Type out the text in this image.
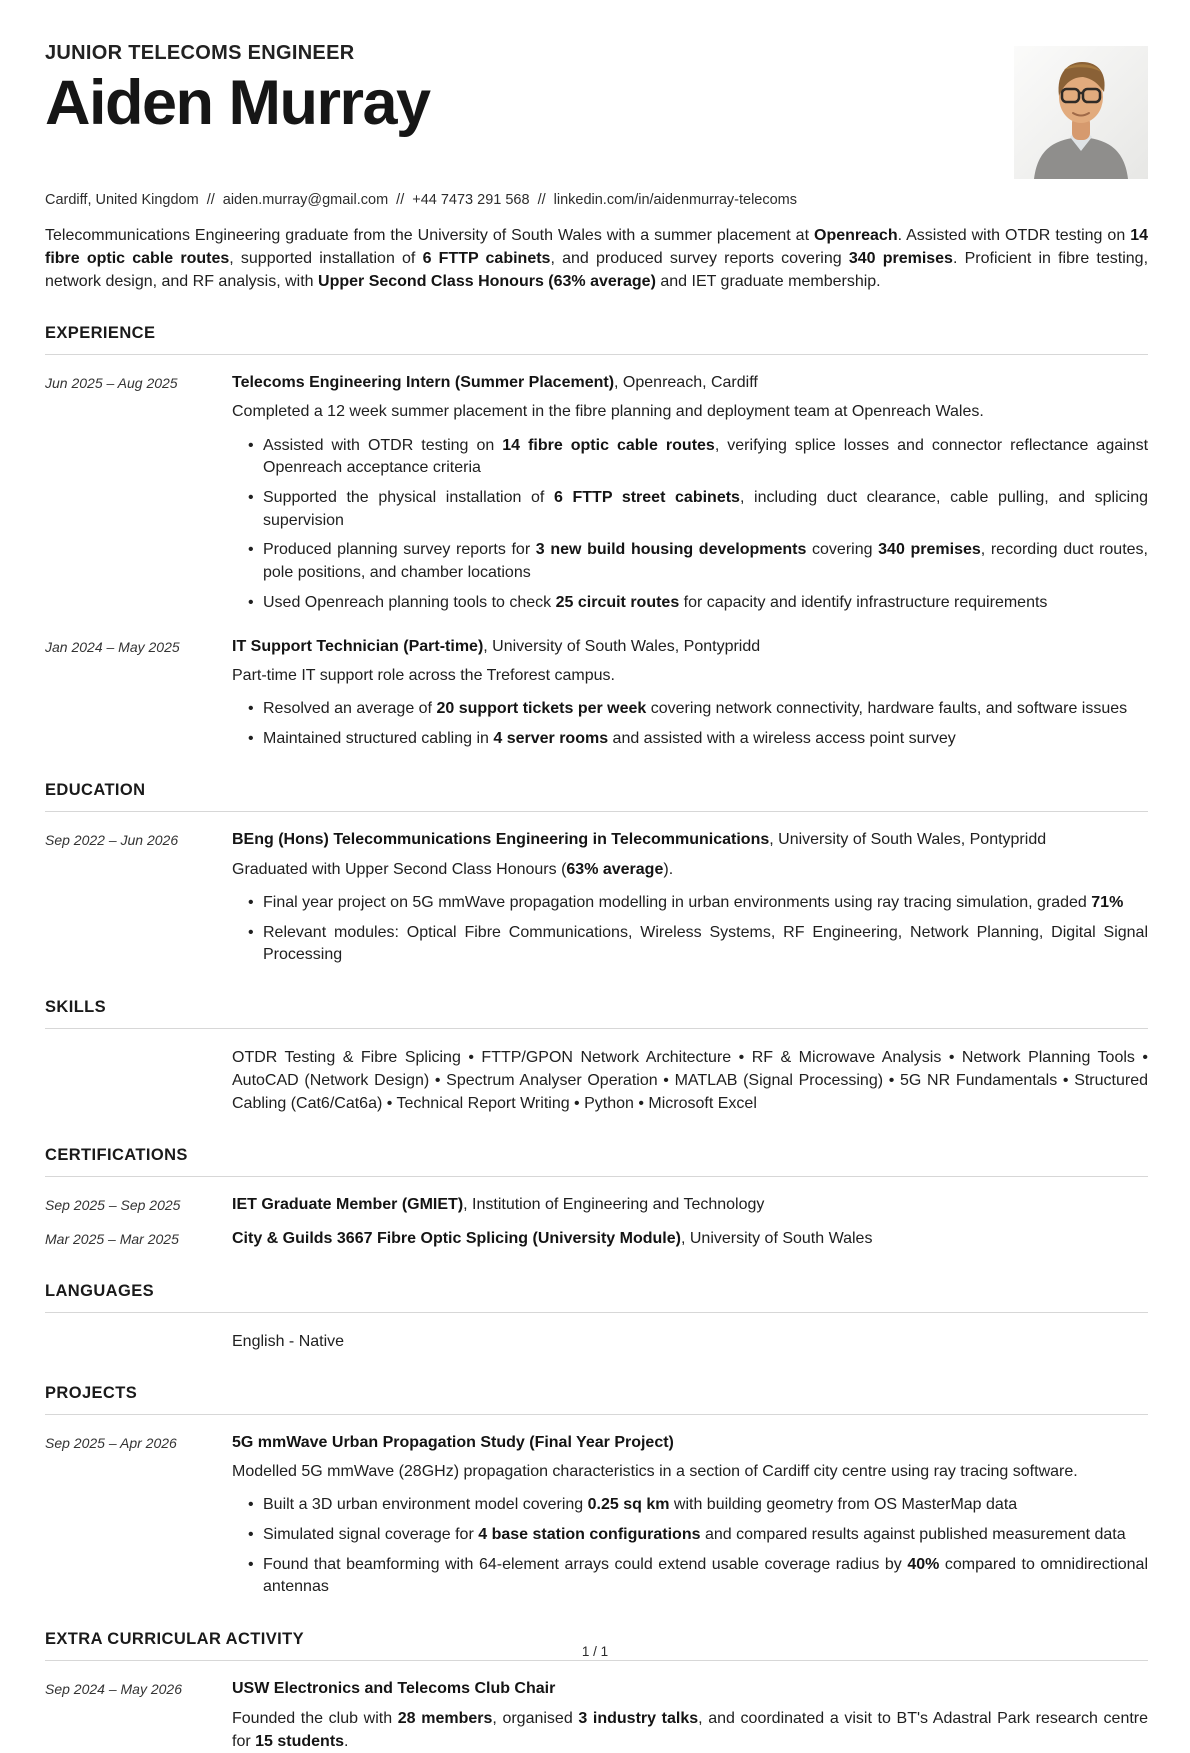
JUNIOR TELECOMS ENGINEER
Aiden Murray
Cardiff, United Kingdom // aiden.murray@gmail.com // +44 7473 291 568 // linkedin.com/in/aidenmurray-telecoms

Telecommunications Engineering graduate from the University of South Wales with a summer placement at Openreach. Assisted with OTDR testing on 14 fibre optic cable routes, supported installation of 6 FTTP cabinets, and produced survey reports covering 340 premises. Proficient in fibre testing, network design, and RF analysis, with Upper Second Class Honours (63% average) and IET graduate membership.

EXPERIENCE
Jun 2025 – Aug 2025	Telecoms Engineering Intern (Summer Placement), Openreach, Cardiff
Completed a 12 week summer placement in the fibre planning and deployment team at Openreach Wales.
• Assisted with OTDR testing on 14 fibre optic cable routes, verifying splice losses and connector reflectance against Openreach acceptance criteria
• Supported the physical installation of 6 FTTP street cabinets, including duct clearance, cable pulling, and splicing supervision
• Produced planning survey reports for 3 new build housing developments covering 340 premises, recording duct routes, pole positions, and chamber locations
• Used Openreach planning tools to check 25 circuit routes for capacity and identify infrastructure requirements
Jan 2024 – May 2025	IT Support Technician (Part-time), University of South Wales, Pontypridd
Part-time IT support role across the Treforest campus.
• Resolved an average of 20 support tickets per week covering network connectivity, hardware faults, and software issues
• Maintained structured cabling in 4 server rooms and assisted with a wireless access point survey
EDUCATION
Sep 2022 – Jun 2026	BEng (Hons) Telecommunications Engineering in Telecommunications, University of South Wales, Pontypridd
Graduated with Upper Second Class Honours (63% average).
• Final year project on 5G mmWave propagation modelling in urban environments using ray tracing simulation, graded 71%
• Relevant modules: Optical Fibre Communications, Wireless Systems, RF Engineering, Network Planning, Digital Signal Processing
SKILLS
OTDR Testing & Fibre Splicing • FTTP/GPON Network Architecture • RF & Microwave Analysis • Network Planning Tools • AutoCAD (Network Design) • Spectrum Analyser Operation • MATLAB (Signal Processing) • 5G NR Fundamentals • Structured Cabling (Cat6/Cat6a) • Technical Report Writing • Python • Microsoft Excel
CERTIFICATIONS
Sep 2025 – Sep 2025	IET Graduate Member (GMIET), Institution of Engineering and Technology
Mar 2025 – Mar 2025	City & Guilds 3667 Fibre Optic Splicing (University Module), University of South Wales
LANGUAGES
English - Native
PROJECTS
Sep 2025 – Apr 2026	5G mmWave Urban Propagation Study (Final Year Project)
Modelled 5G mmWave (28GHz) propagation characteristics in a section of Cardiff city centre using ray tracing software.
• Built a 3D urban environment model covering 0.25 sq km with building geometry from OS MasterMap data
• Simulated signal coverage for 4 base station configurations and compared results against published measurement data
• Found that beamforming with 64-element arrays could extend usable coverage radius by 40% compared to omnidirectional antennas
EXTRA CURRICULAR ACTIVITY
Sep 2024 – May 2026	USW Electronics and Telecoms Club Chair
Founded the club with 28 members, organised 3 industry talks, and coordinated a visit to BT's Adastral Park research centre for 15 students.
1 / 1
